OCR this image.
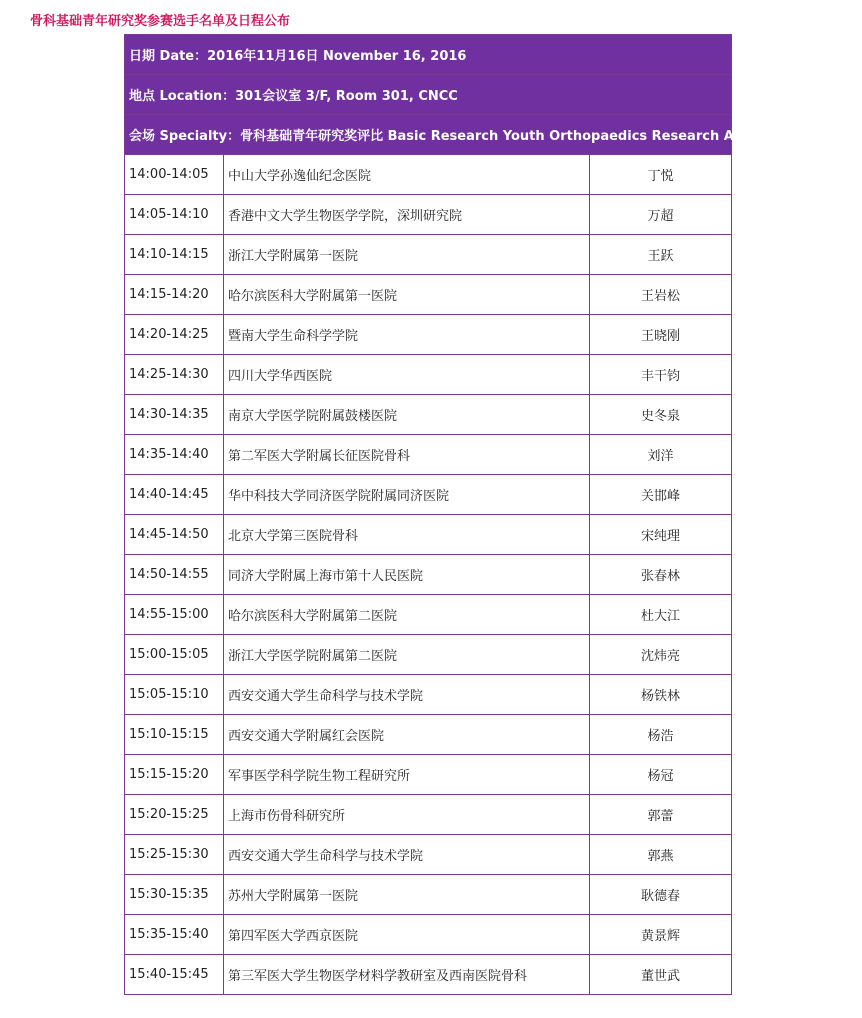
骨科基础青年研究奖参赛选手名单及日程公布
日期 Date：2016年11月16日 November 16, 2016		
地点 Location：301会议室 3/F, Room 301, CNCC		
会场 Specialty：骨科基础青年研究奖评比 Basic Research Youth Orthopaedics Research Awards		
14:00-14:05	中山大学孙逸仙纪念医院	丁悦
14:05-14:10	香港中文大学生物医学学院，深圳研究院	万超
14:10-14:15	浙江大学附属第一医院	王跃
14:15-14:20	哈尔滨医科大学附属第一医院	王岩松
14:20-14:25	暨南大学生命科学学院	王晓刚
14:25-14:30	四川大学华西医院	丰干钧
14:30-14:35	南京大学医学院附属鼓楼医院	史冬泉
14:35-14:40	第二军医大学附属长征医院骨科	刘洋
14:40-14:45	华中科技大学同济医学院附属同济医院	关邯峰
14:45-14:50	北京大学第三医院骨科	宋纯理
14:50-14:55	同济大学附属上海市第十人民医院	张春林
14:55-15:00	哈尔滨医科大学附属第二医院	杜大江
15:00-15:05	浙江大学医学院附属第二医院	沈炜亮
15:05-15:10	西安交通大学生命科学与技术学院	杨铁林
15:10-15:15	西安交通大学附属红会医院	杨浩
15:15-15:20	军事医学科学院生物工程研究所	杨冠
15:20-15:25	上海市伤骨科研究所	郭蕾
15:25-15:30	西安交通大学生命科学与技术学院	郭燕
15:30-15:35	苏州大学附属第一医院	耿德春
15:35-15:40	第四军医大学西京医院	黄景辉
15:40-15:45	第三军医大学生物医学材料学教研室及西南医院骨科	董世武
